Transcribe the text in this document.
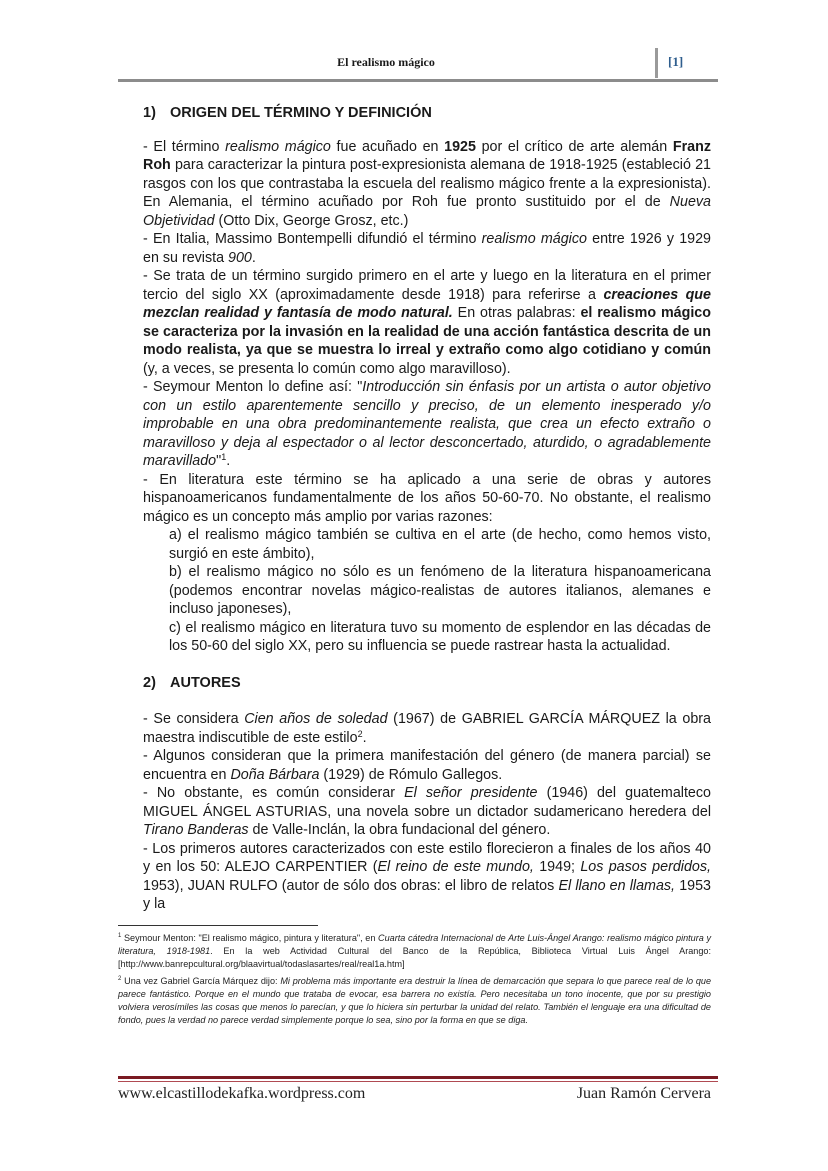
El realismo mágico	[1]

1) ORIGEN DEL TÉRMINO Y DEFINICIÓN

- El término realismo mágico fue acuñado en 1925 por el crítico de arte alemán Franz Roh para caracterizar la pintura post-expresionista alemana de 1918-1925 (estableció 21 rasgos con los que contrastaba la escuela del realismo mágico frente a la expresionista). En Alemania, el término acuñado por Roh fue pronto sustituido por el de Nueva Objetividad (Otto Dix, George Grosz, etc.)

- En Italia, Massimo Bontempelli difundió el término realismo mágico entre 1926 y 1929 en su revista 900.

- Se trata de un término surgido primero en el arte y luego en la literatura en el primer tercio del siglo XX (aproximadamente desde 1918) para referirse a creaciones que mezclan realidad y fantasía de modo natural. En otras palabras: el realismo mágico se caracteriza por la invasión en la realidad de una acción fantástica descrita de un modo realista, ya que se muestra lo irreal y extraño como algo cotidiano y común (y, a veces, se presenta lo común como algo maravilloso).

- Seymour Menton lo define así: "Introducción sin énfasis por un artista o autor objetivo con un estilo aparentemente sencillo y preciso, de un elemento inesperado y/o improbable en una obra predominantemente realista, que crea un efecto extraño o maravilloso y deja al espectador o al lector desconcertado, aturdido, o agradablemente maravillado"$^1$.

- En literatura este término se ha aplicado a una serie de obras y autores hispanoamericanos fundamentalmente de los años 50-60-70. No obstante, el realismo mágico es un concepto más amplio por varias razones:

a) el realismo mágico también se cultiva en el arte (de hecho, como hemos visto, surgió en este ámbito),

b) el realismo mágico no sólo es un fenómeno de la literatura hispanoamericana (podemos encontrar novelas mágico-realistas de autores italianos, alemanes e incluso japoneses),

c) el realismo mágico en literatura tuvo su momento de esplendor en las décadas de los 50-60 del siglo XX, pero su influencia se puede rastrear hasta la actualidad.

2) AUTORES

- Se considera Cien años de soledad (1967) de GABRIEL GARCÍA MÁRQUEZ la obra maestra indiscutible de este estilo$^2$.

- Algunos consideran que la primera manifestación del género (de manera parcial) se encuentra en Doña Bárbara (1929) de Rómulo Gallegos.

- No obstante, es común considerar El señor presidente (1946) del guatemalteco MIGUEL ÁNGEL ASTURIAS, una novela sobre un dictador sudamericano heredera del Tirano Banderas de Valle-Inclán, la obra fundacional del género.

- Los primeros autores caracterizados con este estilo florecieron a finales de los años 40 y en los 50: ALEJO CARPENTIER (El reino de este mundo, 1949; Los pasos perdidos, 1953), JUAN RULFO (autor de sólo dos obras: el libro de relatos El llano en llamas, 1953 y la

$^1$ Seymour Menton: "El realismo mágico, pintura y literatura", en Cuarta cátedra Internacional de Arte Luis-Ángel Arango: realismo mágico pintura y literatura, 1918-1981. En la web Actividad Cultural del Banco de la República, Biblioteca Virtual Luis Ángel Arango: [http://www.banrepcultural.org/blaavirtual/todaslasartes/real/real1a.htm]

$^2$ Una vez Gabriel García Márquez dijo: Mi problema más importante era destruir la línea de demarcación que separa lo que parece real de lo que parece fantástico. Porque en el mundo que trataba de evocar, esa barrera no existía. Pero necesitaba un tono inocente, que por su prestigio volviera verosímiles las cosas que menos lo parecían, y que lo hiciera sin perturbar la unidad del relato. También el lenguaje era una dificultad de fondo, pues la verdad no parece verdad simplemente porque lo sea, sino por la forma en que se diga.

www.elcastillodekafka.wordpress.com	Juan Ramón Cervera
